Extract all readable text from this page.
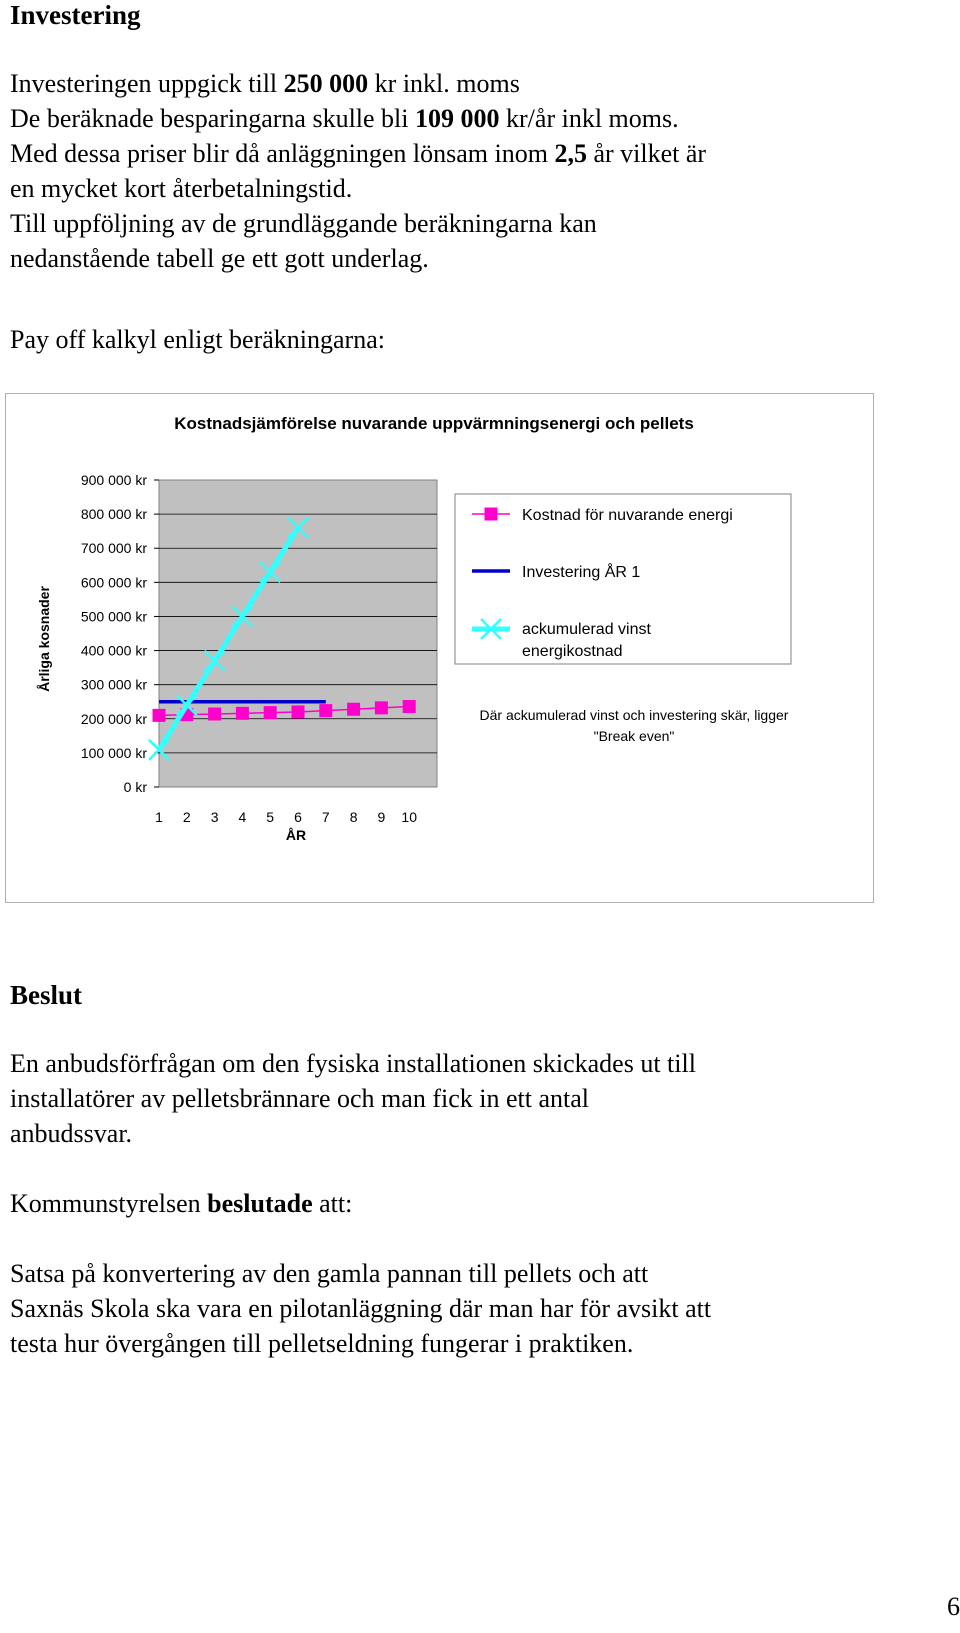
Investering
Investeringen uppgick till 250 000 kr inkl. moms
De beräknade besparingarna skulle bli 109 000 kr/år inkl moms.
Med dessa priser blir då anläggningen lönsam inom 2,5 år vilket är
en mycket kort återbetalningstid.
Till uppföljning av de grundläggande beräkningarna kan
nedanstående tabell ge ett gott underlag.

Pay off kalkyl enligt beräkningarna:

Kostnadsjämförelse nuvarande uppvärmningsenergi och pellets
0 kr
100 000 kr
200 000 kr
300 000 kr
400 000 kr
500 000 kr
600 000 kr
700 000 kr
800 000 kr
900 000 kr
1 2 3 4 5 6 7 8 9 10
ÅR
Årliga kosnader
Kostnad för nuvarande energi
Investering ÅR 1
ackumulerad vinst energikostnad
Där ackumulerad vinst och investering skär, ligger
"Break even"
Beslut
En anbudsförfrågan om den fysiska installationen skickades ut till
installatörer av pelletsbrännare och man fick in ett antal
anbudssvar.

Kommunstyrelsen beslutade att:

Satsa på konvertering av den gamla pannan till pellets och att
Saxnäs Skola ska vara en pilotanläggning där man har för avsikt att
testa hur övergången till pelletseldning fungerar i praktiken.
6
